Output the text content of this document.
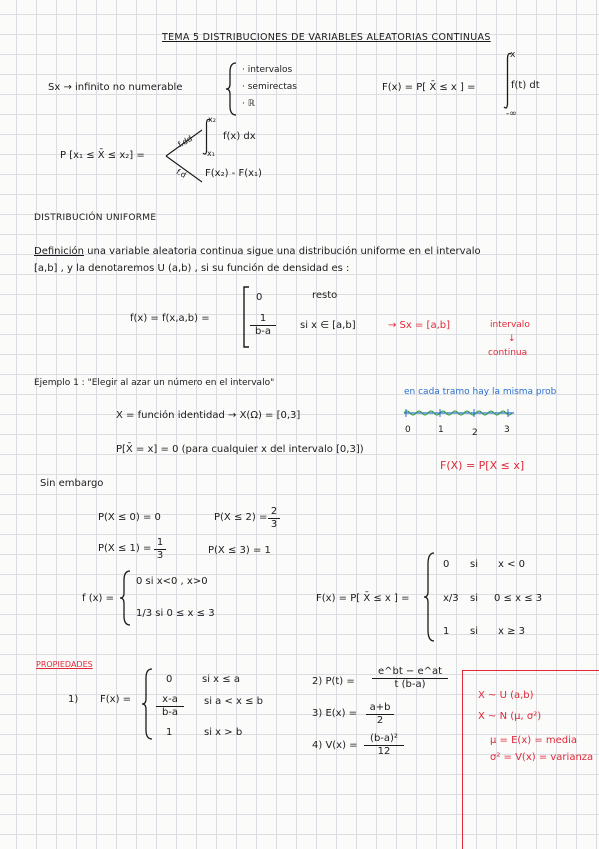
TEMA 5 DISTRIBUCIONES DE VARIABLES ALEATORIAS CONTINUAS
Sx → infinito no numerable
· intervalos
· semirectas
· ℝ
F(x) = P[ X̄ ≤ x ] =
x
f(t) dt
-∞
P [x₁ ≤ X̄ ≤ x₂] =
f.dd
f.d
x₂
x₁
f(x) dx
F(x₂) - F(x₁)
DISTRIBUCIÓN UNIFORME
Definición una variable aleatoria continua sigue una distribución uniforme en el intervalo
[a,b] , y la denotaremos U (a,b) , si su función de densidad es :
f(x) = f(x,a,b) =
0	resto
$\frac{1}{b-a}$ si x ∈ [a,b]	→ Sx = [a,b]	intervalo
↓
continua
Ejemplo 1 : "Elegir al azar un número en el intervalo"
en cada tramo hay la misma prob
0	1	2	3
X = función identidad → X(Ω) = [0,3]
P[X̄ = x] = 0 (para cualquier x del intervalo [0,3])
F(X) = P[X ≤ x]
Sin embargo
P(X ≤ 0) = 0	$P(X \le 2) = \frac{2}{3}$
$P(X \le 1) = \frac{1}{3}$	P(X ≤ 3) = 1
f (x) =
0 si x<0 , x>0
1/3 si 0 ≤ x ≤ 3
F(x) = P[ X̄ ≤ x ] =
0 si x < 0
x/3 si 0 ≤ x ≤ 3
1 si x ≥ 3
PROPIEDADES
1) F(x) =
0	si x ≤ a
$\frac{x-a}{b-a}$ si a < x ≤ b
1	si x > b
2) $P(t) = \frac{e\^{}bt - e\^{}at}{t (b-a)}$
3) $E(x) = \frac{a+b}{2}$
4) $V(x) = \frac{\text{(b-a)²}}{12}$
X ~ U (a,b)
X ~ N (μ, σ²)
μ = E(x) = media
σ² = V(x) = varianza
